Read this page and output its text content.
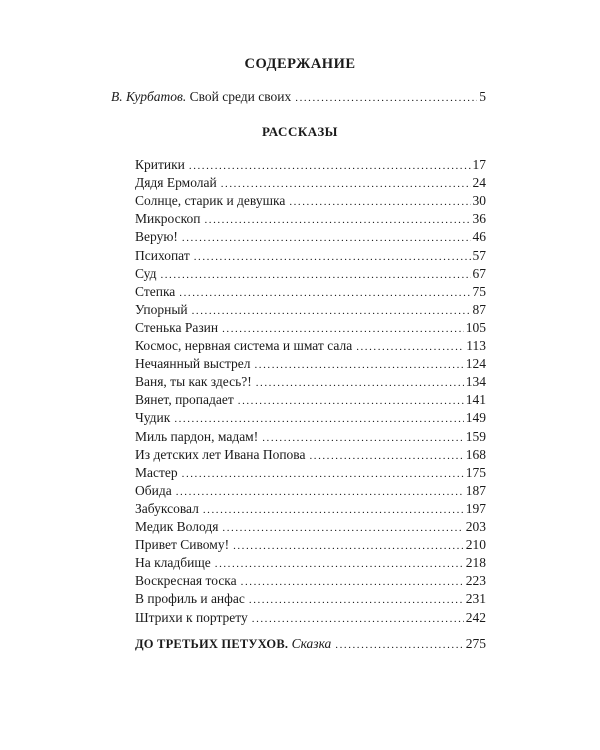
СОДЕРЖАНИЕ
В. Курбатов. Свой среди своих . . .	5
РАССКАЗЫ
Критики . . .	17
Дядя Ермолай . . .	24
Солнце, старик и девушка . . .	30
Микроскоп . . .	36
Верую! . . .	46
Психопат . . .	57
Суд . . .	67
Степка . . .	75
Упорный . . .	87
Стенька Разин . . .	105
Космос, нервная система и шмат сала . . .	113
Нечаянный выстрел . . .	124
Ваня, ты как здесь?! . . .	134
Вянет, пропадает . . .	141
Чудик . . .	149
Миль пардон, мадам! . . .	159
Из детских лет Ивана Попова . . .	168
Мастер . . .	175
Обида . . .	187
Забуксовал . . .	197
Медик Володя . . .	203
Привет Сивому! . . .	210
На кладбище . . .	218
Воскресная тоска . . .	223
В профиль и анфас . . .	231
Штрихи к портрету . . .	242
ДО ТРЕТЬИХ ПЕТУХОВ. Сказка . . .	275
